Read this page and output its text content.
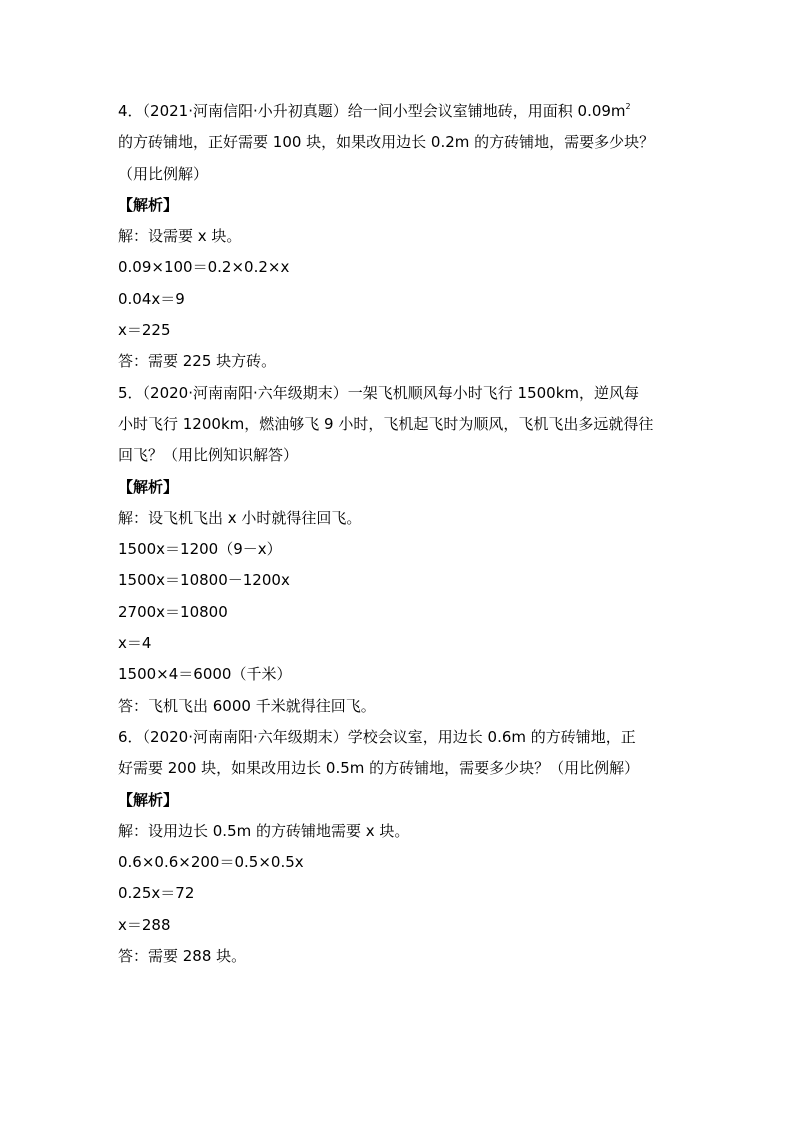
4．（2021·河南信阳·小升初真题）给一间小型会议室铺地砖，用面积 $0.09m^2$
的方砖铺地，正好需要 100 块，如果改用边长 0.2m 的方砖铺地，需要多少块？
（用比例解）
【解析】
解：设需要 x 块。
0.09×100＝0.2×0.2×x
0.04x＝9
x＝225
答：需要 225 块方砖。
5．（2020·河南南阳·六年级期末）一架飞机顺风每小时飞行 1500km，逆风每
小时飞行 1200km，燃油够飞 9 小时，飞机起飞时为顺风，飞机飞出多远就得往
回飞？（用比例知识解答）
【解析】
解：设飞机飞出 x 小时就得往回飞。
1500x＝1200（9－x）
1500x＝10800－1200x
2700x＝10800
x＝4
1500×4＝6000（千米）
答：飞机飞出 6000 千米就得往回飞。
6．（2020·河南南阳·六年级期末）学校会议室，用边长 0.6m 的方砖铺地，正
好需要 200 块，如果改用边长 0.5m 的方砖铺地，需要多少块？（用比例解）
【解析】
解：设用边长 0.5m 的方砖铺地需要 x 块。
0.6×0.6×200＝0.5×0.5x
0.25x＝72
x＝288
答：需要 288 块。
